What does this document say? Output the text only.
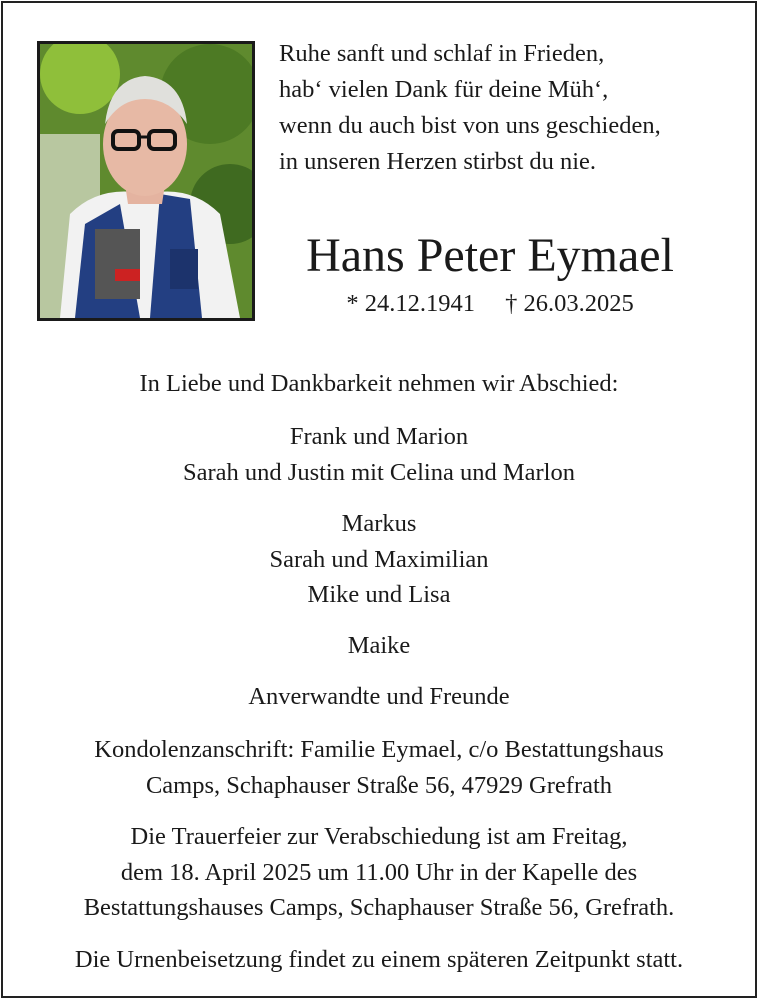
Ruhe sanft und schlaf in Frieden, hab‘ vielen Dank für deine Müh‘, wenn du auch bist von uns geschieden, in unseren Herzen stirbst du nie.
Hans Peter Eymael
* 24.12.1941 † 26.03.2025
In Liebe und Dankbarkeit nehmen wir Abschied:
Frank und Marion
Sarah und Justin mit Celina und Marlon
Markus
Sarah und Maximilian
Mike und Lisa
Maike
Anverwandte und Freunde
Kondolenzanschrift: Familie Eymael, c/o Bestattungshaus
Camps, Schaphauser Straße 56, 47929 Grefrath
Die Trauerfeier zur Verabschiedung ist am Freitag,
dem 18. April 2025 um 11.00 Uhr in der Kapelle des
Bestattungshauses Camps, Schaphauser Straße 56, Grefrath.
Die Urnenbeisetzung findet zu einem späteren Zeitpunkt statt.
